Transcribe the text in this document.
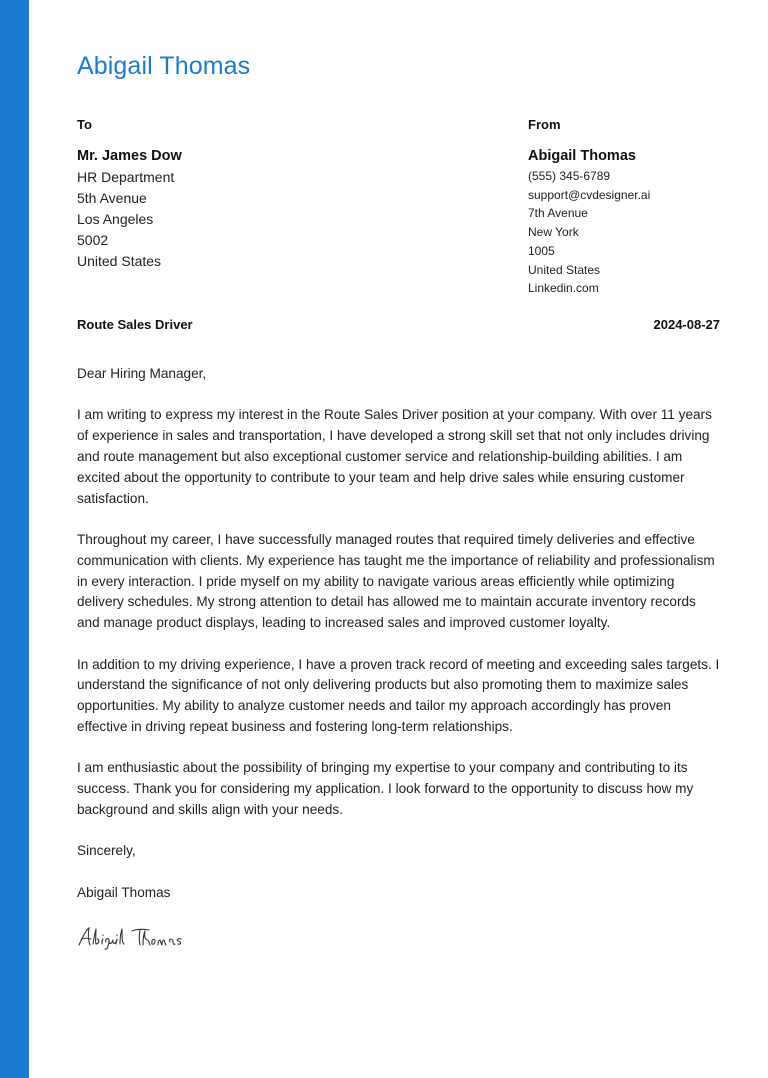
Abigail Thomas
To
Mr. James Dow
HR Department
5th Avenue
Los Angeles
5002
United States
From
Abigail Thomas
(555) 345-6789
support@cvdesigner.ai
7th Avenue
New York
1005
United States
Linkedin.com
Route Sales Driver	2024-08-27

Dear Hiring Manager,

I am writing to express my interest in the Route Sales Driver position at your company. With over 11 years of experience in sales and transportation, I have developed a strong skill set that not only includes driving and route management but also exceptional customer service and relationship-building abilities. I am excited about the opportunity to contribute to your team and help drive sales while ensuring customer satisfaction.

Throughout my career, I have successfully managed routes that required timely deliveries and effective communication with clients. My experience has taught me the importance of reliability and professionalism in every interaction. I pride myself on my ability to navigate various areas efficiently while optimizing delivery schedules. My strong attention to detail has allowed me to maintain accurate inventory records and manage product displays, leading to increased sales and improved customer loyalty.

In addition to my driving experience, I have a proven track record of meeting and exceeding sales targets. I understand the significance of not only delivering products but also promoting them to maximize sales opportunities. My ability to analyze customer needs and tailor my approach accordingly has proven effective in driving repeat business and fostering long-term relationships.

I am enthusiastic about the possibility of bringing my expertise to your company and contributing to its success. Thank you for considering my application. I look forward to the opportunity to discuss how my background and skills align with your needs.

Sincerely,

Abigail Thomas
